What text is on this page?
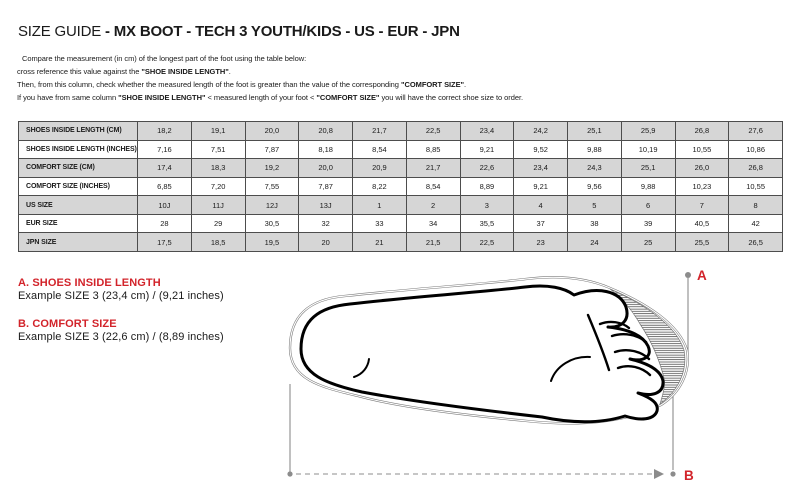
SIZE GUIDE - MX BOOT - TECH 3 YOUTH/KIDS - US - EUR - JPN
Compare the measurement (in cm) of the longest part of the foot using the table below:
cross reference this value against the "SHOE INSIDE LENGTH".
Then, from this column, check whether the measured length of the foot is greater than the value of the corresponding "COMFORT SIZE".
If you have from same column "SHOE INSIDE LENGTH" < measured length of your foot < "COMFORT SIZE" you will have the correct shoe size to order.
SHOES INSIDE LENGTH (CM)	18,2	19,1	20,0	20,8	21,7	22,5	23,4	24,2	25,1	25,9	26,8	27,6
SHOES INSIDE LENGTH (INCHES)	7,16	7,51	7,87	8,18	8,54	8,85	9,21	9,52	9,88	10,19	10,55	10,86
COMFORT SIZE (CM)	17,4	18,3	19,2	20,0	20,9	21,7	22,6	23,4	24,3	25,1	26,0	26,8
COMFORT SIZE (INCHES)	6,85	7,20	7,55	7,87	8,22	8,54	8,89	9,21	9,56	9,88	10,23	10,55
US SIZE	10J	11J	12J	13J	1	2	3	4	5	6	7	8
EUR SIZE	28	29	30,5	32	33	34	35,5	37	38	39	40,5	42
JPN SIZE	17,5	18,5	19,5	20	21	21,5	22,5	23	24	25	25,5	26,5

A. SHOES INSIDE LENGTH

Example SIZE 3 (23,4 cm) / (9,21 inches)

B. COMFORT SIZE

Example SIZE 3 (22,6 cm) / (8,89 inches)

A
B
